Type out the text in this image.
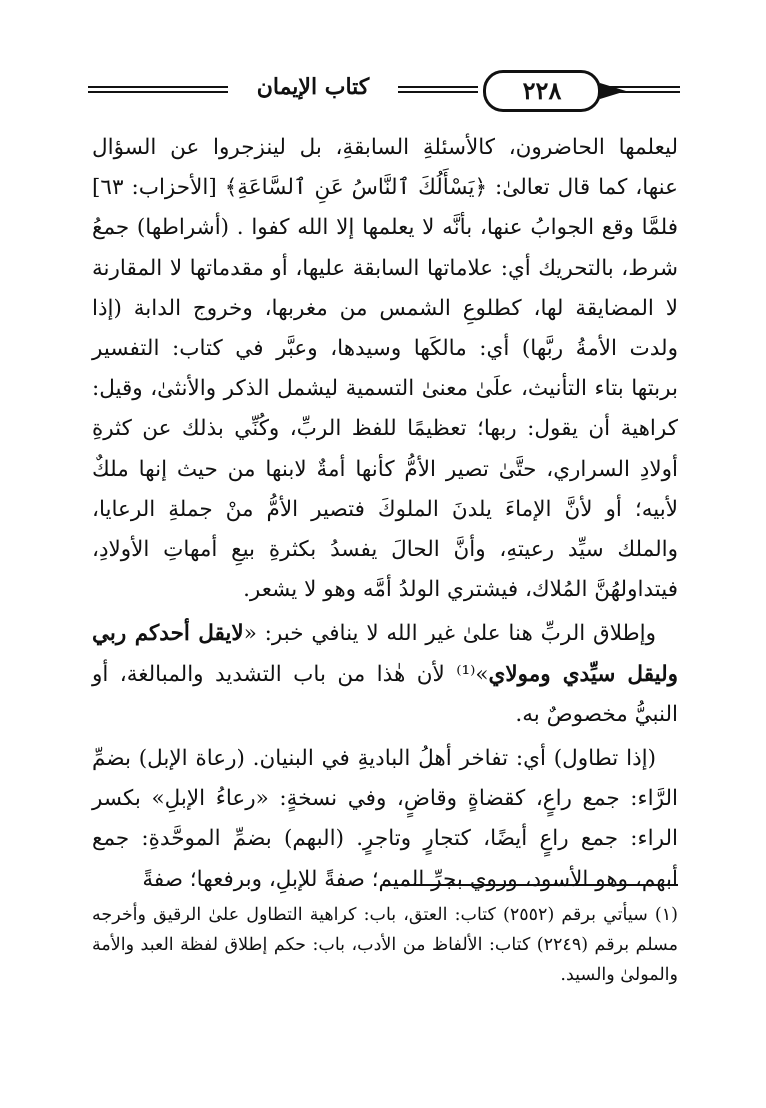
كتاب الإيمان	٢٢٨

ليعلمها الحاضرون، كالأسئلةِ السابقةِ، بل لينزجروا عن السؤال عنها، كما قال تعالىٰ: ﴿يَسْأَلُكَ ٱلنَّاسُ عَنِ ٱلسَّاعَةِ﴾ [الأحزاب: ٦٣] فلمَّا وقع الجوابُ عنها، بأنَّه لا يعلمها إلا الله كفوا . (أشراطها) جمعُ شرط، بالتحريك أي: علاماتها السابقة عليها، أو مقدماتها لا المقارنة لا المضايقة لها، كطلوعِ الشمس من مغربها، وخروج الدابة (إذا ولدت الأمةُ ربَّها) أي: مالكَها وسيدها، وعبَّر في كتاب: التفسير بربتها بتاء التأنيث، علَىٰ معنىٰ التسمية ليشمل الذكر والأنثىٰ، وقيل: كراهية أن يقول: ربها؛ تعظيمًا للفظ الربِّ، وكُنِّي بذلك عن كثرةِ أولادِ السراري، حتَّىٰ تصير الأمُّ كأنها أمةٌ لابنها من حيث إنها ملكٌ لأبيه؛ أو لأنَّ الإماءَ يلدنَ الملوكَ فتصير الأمُّ منْ جملةِ الرعايا، والملك سيِّد رعيتهِ، وأنَّ الحالَ يفسدُ بكثرةِ بيعِ أمهاتِ الأولادِ، فيتداولهُنَّ المُلاك، فيشتري الولدُ أمَّه وهو لا يشعر.

وإطلاق الربِّ هنا علىٰ غير الله لا ينافي خبر: «لايقل أحدكم ربي وليقل سيِّدي ومولاي»⁽¹⁾ لأن هٰذا من باب التشديد والمبالغة، أو النبيُّ مخصوصٌ به.

(إذا تطاول) أي: تفاخر أهلُ الباديةِ في البنيان. (رعاة الإبل) بضمِّ الرَّاء: جمع راعٍ، كقضاةٍ وقاضٍ، وفي نسخةٍ: «رعاءُ الإبلِ» بكسر الراء: جمع راعٍ أيضًا، كتجارٍ وتاجرٍ. (البهم) بضمِّ الموحَّدةِ: جمع أبهم، وهو الأسود، وروي بجرِّ الميم؛ صفةً للإبلِ، وبرفعها؛ صفةً

(١) سيأتي برقم (٢٥٥٢) كتاب: العتق، باب: كراهية التطاول علىٰ الرقيق وأخرجه مسلم برقم (٢٢٤٩) كتاب: الألفاظ من الأدب، باب: حكم إطلاق لفظة العبد والأمة والمولىٰ والسيد.
